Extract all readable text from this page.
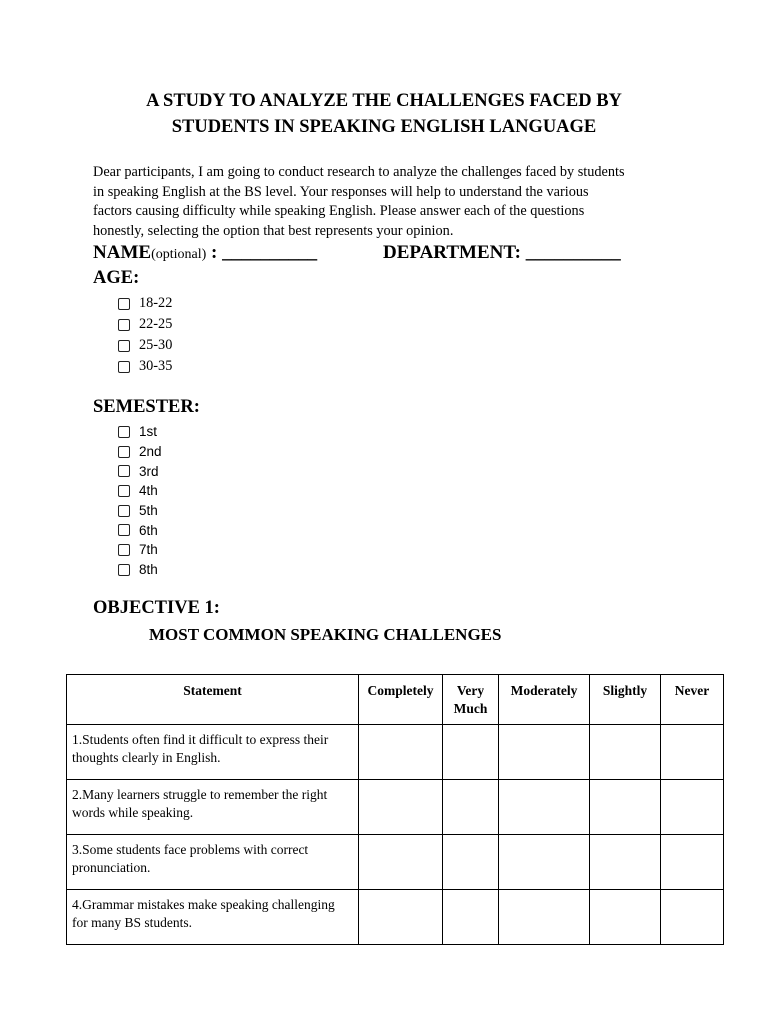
A STUDY TO ANALYZE THE CHALLENGES FACED BY
STUDENTS IN SPEAKING ENGLISH LANGUAGE
Dear participants, I am going to conduct research to analyze the challenges faced by students
in speaking English at the BS level. Your responses will help to understand the various
factors causing difficulty while speaking English. Please answer each of the questions
honestly, selecting the option that best represents your opinion.
NAME(optional) : __________	DEPARTMENT: __________
AGE:
18-22
22-25
25-30
30-35
SEMESTER:
1st
2nd
3rd
4th
5th
6th
7th
8th
OBJECTIVE 1:
MOST COMMON SPEAKING CHALLENGES
Statement	Completely	Very Much	Moderately	Slightly	Never
1.Students often find it difficult to express their thoughts clearly in English.					
2.Many learners struggle to remember the right words while speaking.					
3.Some students face problems with correct pronunciation.					
4.Grammar mistakes make speaking challenging for many BS students.					
